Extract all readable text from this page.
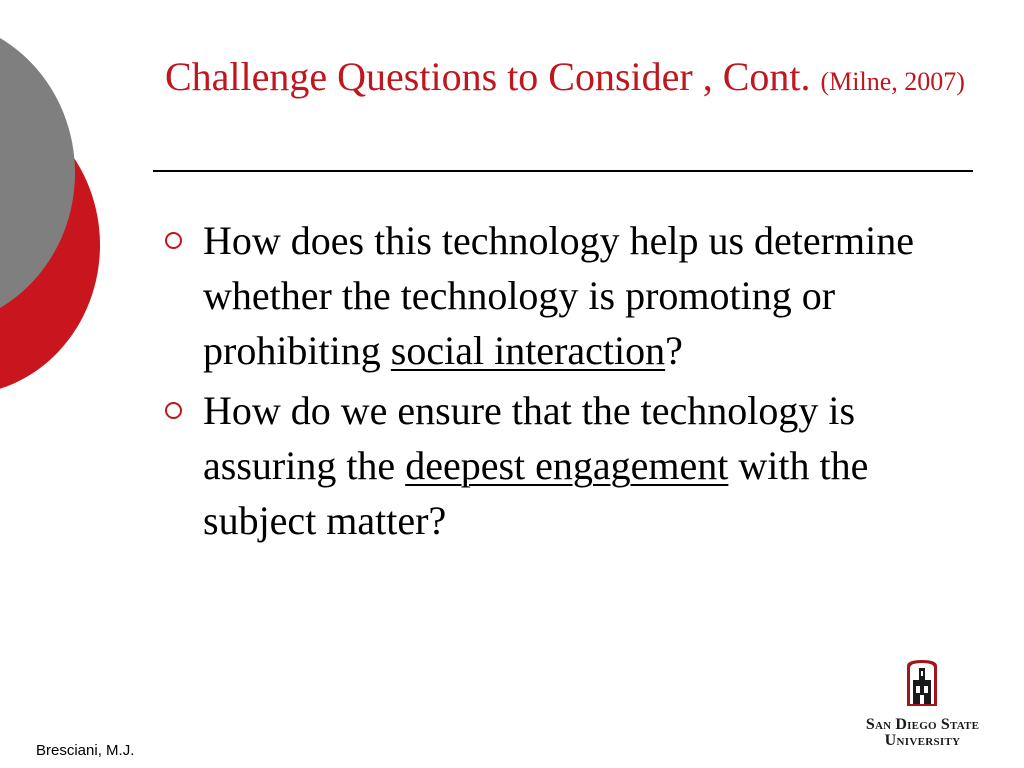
Challenge Questions to Consider , Cont. (Milne, 2007)
How does this technology help us determine whether the technology is promoting or prohibiting social interaction?
How do we ensure that the technology is assuring the deepest engagement with the subject matter?
Bresciani, M.J.
San Diego State
University
